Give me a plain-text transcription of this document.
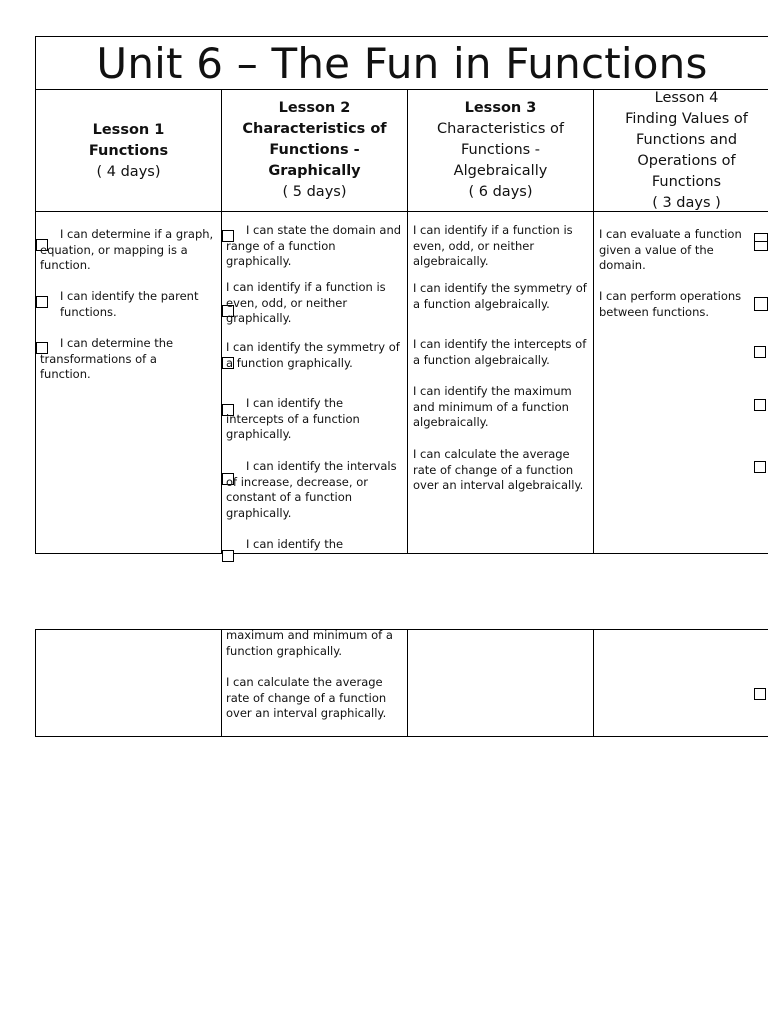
Unit 6 – The Fun in Functions
Lesson 1
Functions
( 4 days)
Lesson 2
Characteristics of Functions - Graphically
( 5 days)
Lesson 3
Characteristics of Functions - Algebraically
( 6 days)
Lesson 4
Finding Values of Functions and Operations of Functions
( 3 days )
I can determine if a graph, equation, or mapping is a function.
I can identify the parent functions.
I can determine the transformations of a function.
I can state the domain and range of a function graphically.
I can identify if a function is even, odd, or neither graphically.
I can identify the symmetry of a function graphically.
I can identify the intercepts of a function graphically.
I can identify the intervals of increase, decrease, or constant of a function graphically.
I can identify the
I can identify if a function is even, odd, or neither algebraically.
I can identify the symmetry of a function algebraically.
I can identify the intercepts of a function algebraically.
I can identify the maximum and minimum of a function algebraically.
I can calculate the average rate of change of a function over an interval algebraically.
I can evaluate a function given a value of the domain.
I can perform operations between functions.
maximum and minimum of a function graphically.
I can calculate the average rate of change of a function over an interval graphically.
